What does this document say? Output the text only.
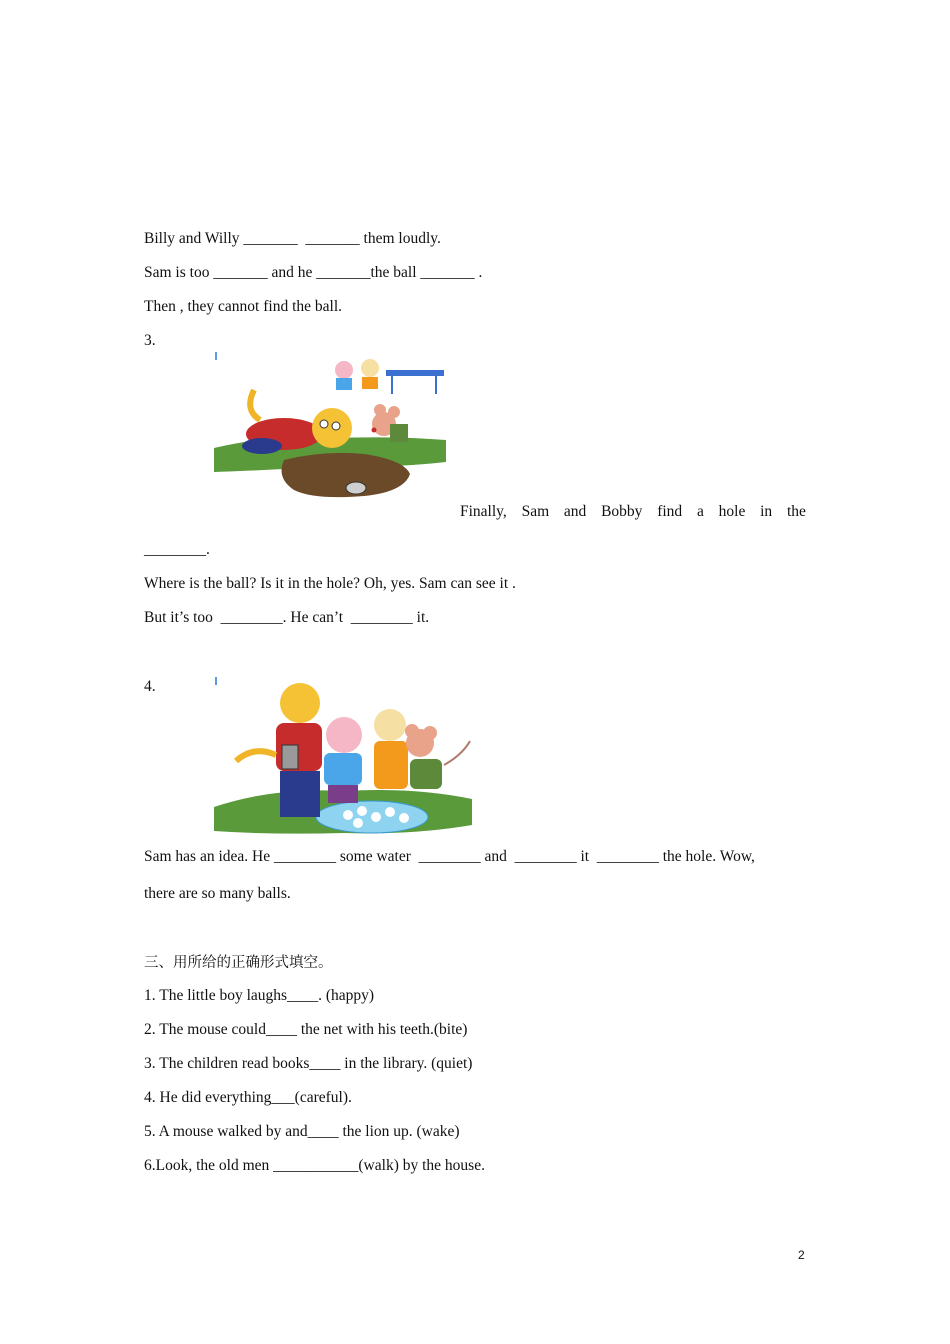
Billy and Willy _______  _______ them loudly.
Sam is too _______ and he _______the ball _______ .
Then , they cannot find the ball.
3.
Finally, Sam and Bobby find a hole in the
________.
Where is the ball? Is it in the hole? Oh, yes. Sam can see it .
But it’s too  ________. He can’t  ________ it.
4.
Sam has an idea. He ________ some water  ________ and  ________ it  ________ the hole. Wow,
there are so many balls.
三、用所给的正确形式填空。
1. The little boy laughs____. (happy)
2. The mouse could____ the net with his teeth.(bite)
3. The children read books____ in the library. (quiet)
4. He did everything___(careful).
5. A mouse walked by and____ the lion up. (wake)
6.Look, the old men ___________(walk) by the house.
2
